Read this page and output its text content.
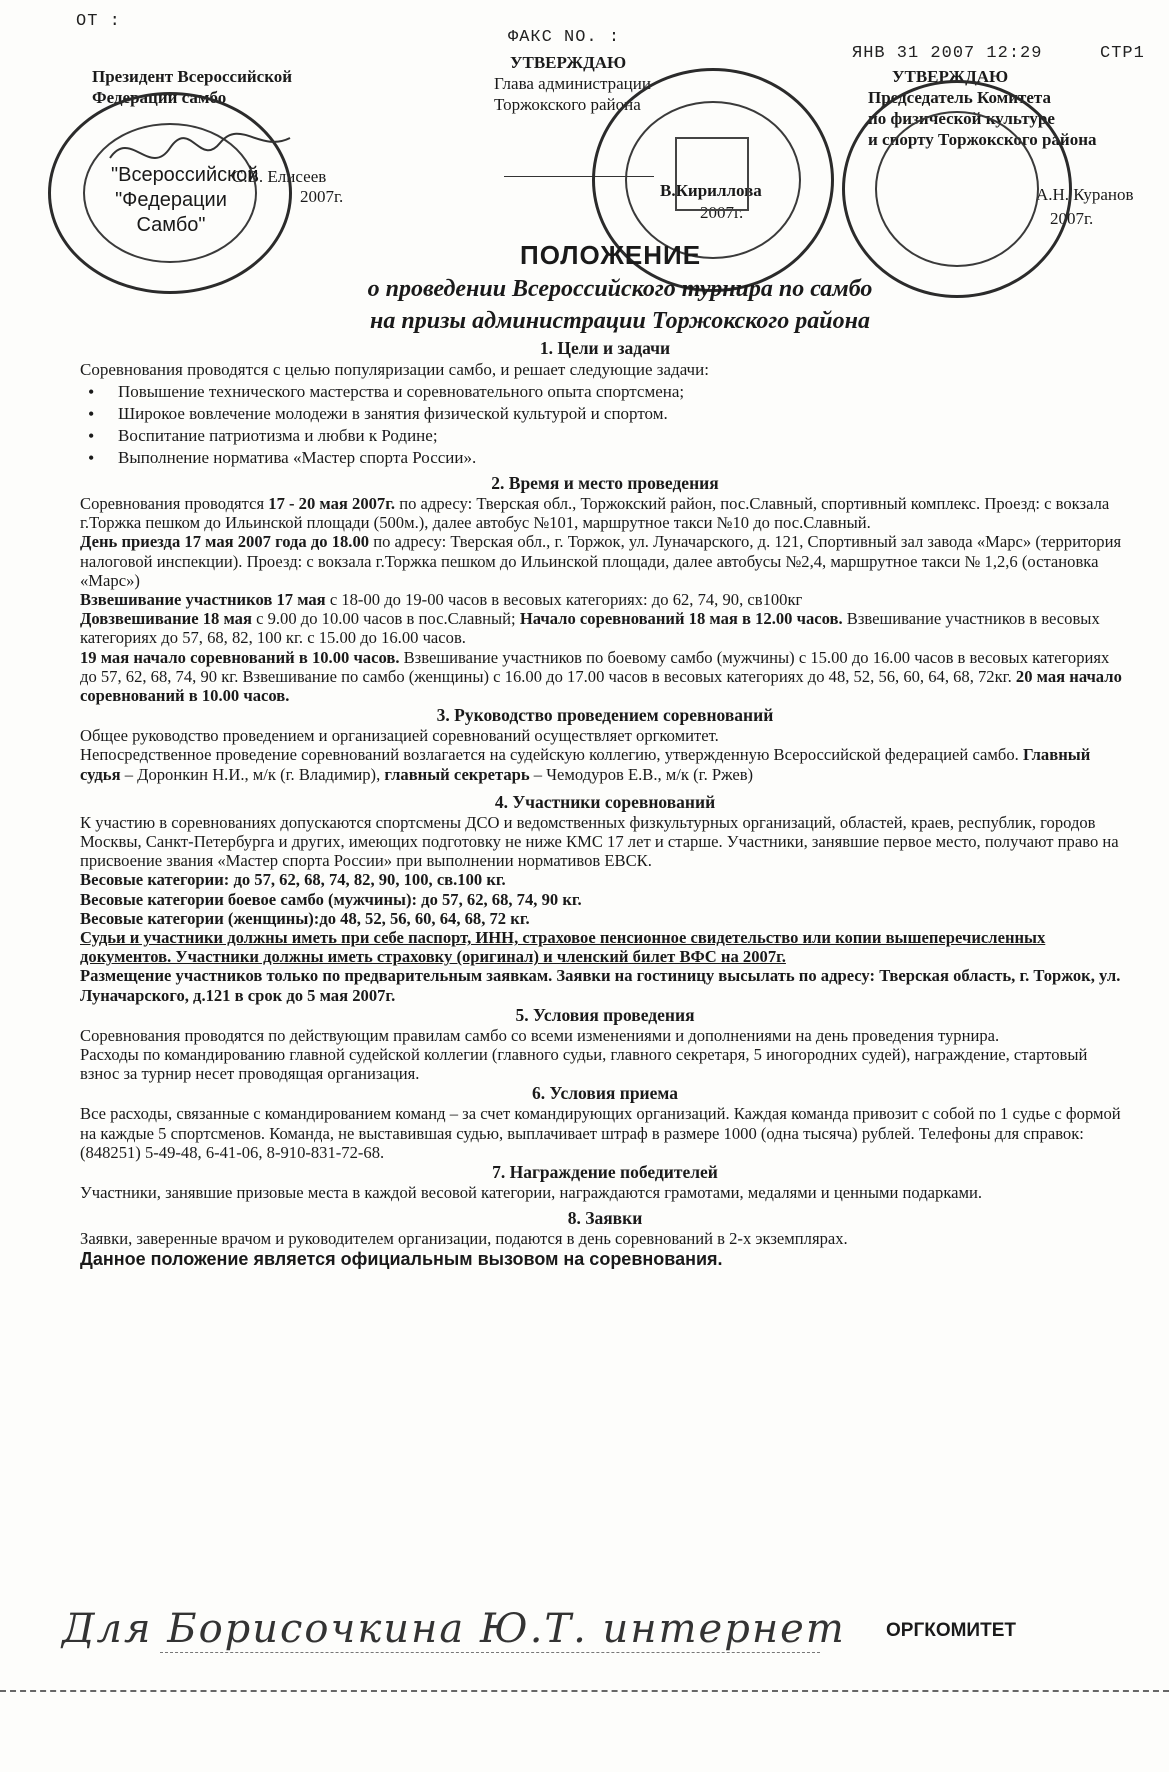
ОТ :
ФАКС NO. :
ЯНВ 31 2007 12:29	СТР1
Президент Всероссийской
Федерации самбо
С.В. Елисеев
2007г.
"Всероссийской "Федерации Самбо"
УТВЕРЖДАЮ
Глава администрации
Торжокского района
В.Кириллова
2007г.
УТВЕРЖДАЮ
Председатель Комитета
по физической культуре
и спорту Торжокского района
А.Н. Куранов
2007г.
ПОЛОЖЕНИЕ
о проведении Всероссийского турнира по самбо
на призы администрации Торжокского района
1. Цели и задачи
Соревнования проводятся с целью популяризации самбо, и решает следующие задачи:
• Повышение технического мастерства и соревновательного опыта спортсмена;
• Широкое вовлечение молодежи в занятия физической культурой и спортом.
• Воспитание патриотизма и любви к Родине;
• Выполнение норматива «Мастер спорта России».
2. Время и место проведения
Соревнования проводятся 17 - 20 мая 2007г. по адресу: Тверская обл., Торжокский район, пос.Славный, спортивный комплекс. Проезд: с вокзала г.Торжка пешком до Ильинской площади (500м.), далее автобус №101, маршрутное такси №10 до пос.Славный.
День приезда 17 мая 2007 года до 18.00 по адресу: Тверская обл., г. Торжок, ул. Луначарского, д. 121, Спортивный зал завода «Марс» (территория налоговой инспекции). Проезд: с вокзала г.Торжка пешком до Ильинской площади, далее автобусы №2,4, маршрутное такси № 1,2,6 (остановка «Марс»)
Взвешивание участников 17 мая с 18-00 до 19-00 часов в весовых категориях: до 62, 74, 90, св100кг
Довзвешивание 18 мая с 9.00 до 10.00 часов в пос.Славный; Начало соревнований 18 мая в 12.00 часов. Взвешивание участников в весовых категориях до 57, 68, 82, 100 кг. с 15.00 до 16.00 часов.
19 мая начало соревнований в 10.00 часов. Взвешивание участников по боевому самбо (мужчины) с 15.00 до 16.00 часов в весовых категориях до 57, 62, 68, 74, 90 кг. Взвешивание по самбо (женщины) с 16.00 до 17.00 часов в весовых категориях до 48, 52, 56, 60, 64, 68, 72кг. 20 мая начало соревнований в 10.00 часов.
3. Руководство проведением соревнований
Общее руководство проведением и организацией соревнований осуществляет оргкомитет.
Непосредственное проведение соревнований возлагается на судейскую коллегию, утвержденную Всероссийской федерацией самбо. Главный судья – Доронкин Н.И., м/к (г. Владимир), главный секретарь – Чемодуров Е.В., м/к (г. Ржев)
4. Участники соревнований
К участию в соревнованиях допускаются спортсмены ДСО и ведомственных физкультурных организаций, областей, краев, республик, городов Москвы, Санкт-Петербурга и других, имеющих подготовку не ниже КМС 17 лет и старше. Участники, занявшие первое место, получают право на присвоение звания «Мастер спорта России» при выполнении нормативов ЕВСК.
Весовые категории: до 57, 62, 68, 74, 82, 90, 100, св.100 кг.
Весовые категории боевое самбо (мужчины): до 57, 62, 68, 74, 90 кг.
Весовые категории (женщины):до 48, 52, 56, 60, 64, 68, 72 кг.
Судьи и участники должны иметь при себе паспорт, ИНН, страховое пенсионное свидетельство или копии вышеперечисленных документов. Участники должны иметь страховку (оригинал) и членский билет ВФС на 2007г.
Размещение участников только по предварительным заявкам. Заявки на гостиницу высылать по адресу: Тверская область, г. Торжок, ул. Луначарского, д.121 в срок до 5 мая 2007г.
5. Условия проведения
Соревнования проводятся по действующим правилам самбо со всеми изменениями и дополнениями на день проведения турнира.
Расходы по командированию главной судейской коллегии (главного судьи, главного секретаря, 5 иногородних судей), награждение, стартовый взнос за турнир несет проводящая организация.
6. Условия приема
Все расходы, связанные с командированием команд – за счет командирующих организаций. Каждая команда привозит с собой по 1 судье с формой на каждые 5 спортсменов. Команда, не выставившая судью, выплачивает штраф в размере 1000 (одна тысяча) рублей. Телефоны для справок: (848251) 5-49-48, 6-41-06, 8-910-831-72-68.
7. Награждение победителей
Участники, занявшие призовые места в каждой весовой категории, награждаются грамотами, медалями и ценными подарками.
8. Заявки
Заявки, заверенные врачом и руководителем организации, подаются в день соревнований в 2-х экземплярах.
Данное положение является официальным вызовом на соревнования.
Для Борисочкина Ю.Т. интернет ОРГКОМИТЕТ
